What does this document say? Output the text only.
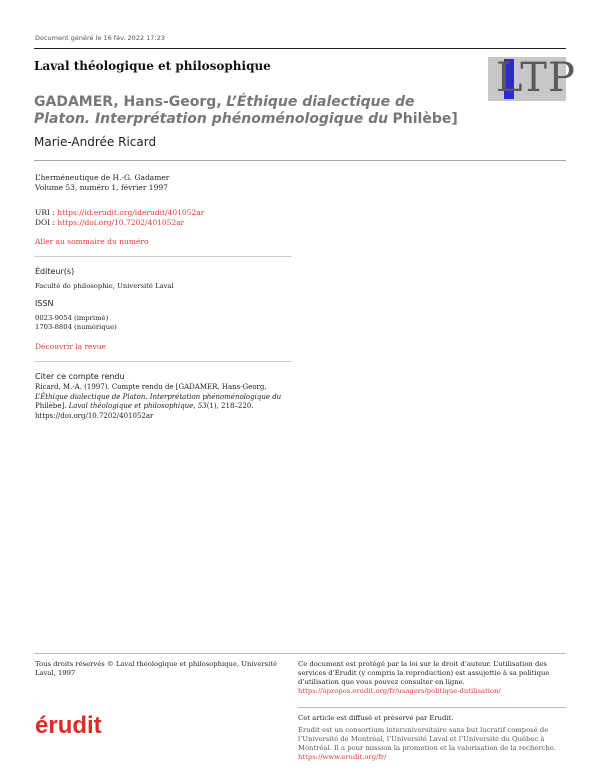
Document généré le 16 fév. 2022 17:23
Laval théologique et philosophique	LTP
GADAMER, Hans-Georg, L’Éthique dialectique de Platon. Interprétation phénoménologique du Philèbe]
Marie-Andrée Ricard
L’herméneutique de H.-G. Gadamer
Volume 53, numéro 1, février 1997
URI : https://id.erudit.org/iderudit/401052ar
DOI : https://doi.org/10.7202/401052ar
Aller au sommaire du numéro
Éditeur(s)
Faculté de philosophie, Université Laval
ISSN
0023-9054 (imprimé)
1703-8804 (numérique)
Découvrir la revue
Citer ce compte rendu
Ricard, M.-A. (1997). Compte rendu de [GADAMER, Hans-Georg, L’Éthique dialectique de Platon. Interprétation phénoménologique du Philèbe]. Laval théologique et philosophique, 53(1), 218–220. https://doi.org/10.7202/401052ar
Tous droits réservés © Laval théologique et philosophique, Université Laval, 1997
Ce document est protégé par la loi sur le droit d’auteur. L’utilisation des services d’Érudit (y compris la reproduction) est assujettie à sa politique d’utilisation que vous pouvez consulter en ligne.
https://apropos.erudit.org/fr/usagers/politique-dutilisation/
érudit	Cet article est diffusé et préservé par Érudit.
Érudit est un consortium interuniversitaire sans but lucratif composé de l’Université de Montréal, l’Université Laval et l’Université du Québec à Montréal. Il a pour mission la promotion et la valorisation de la recherche.
https://www.erudit.org/fr/
